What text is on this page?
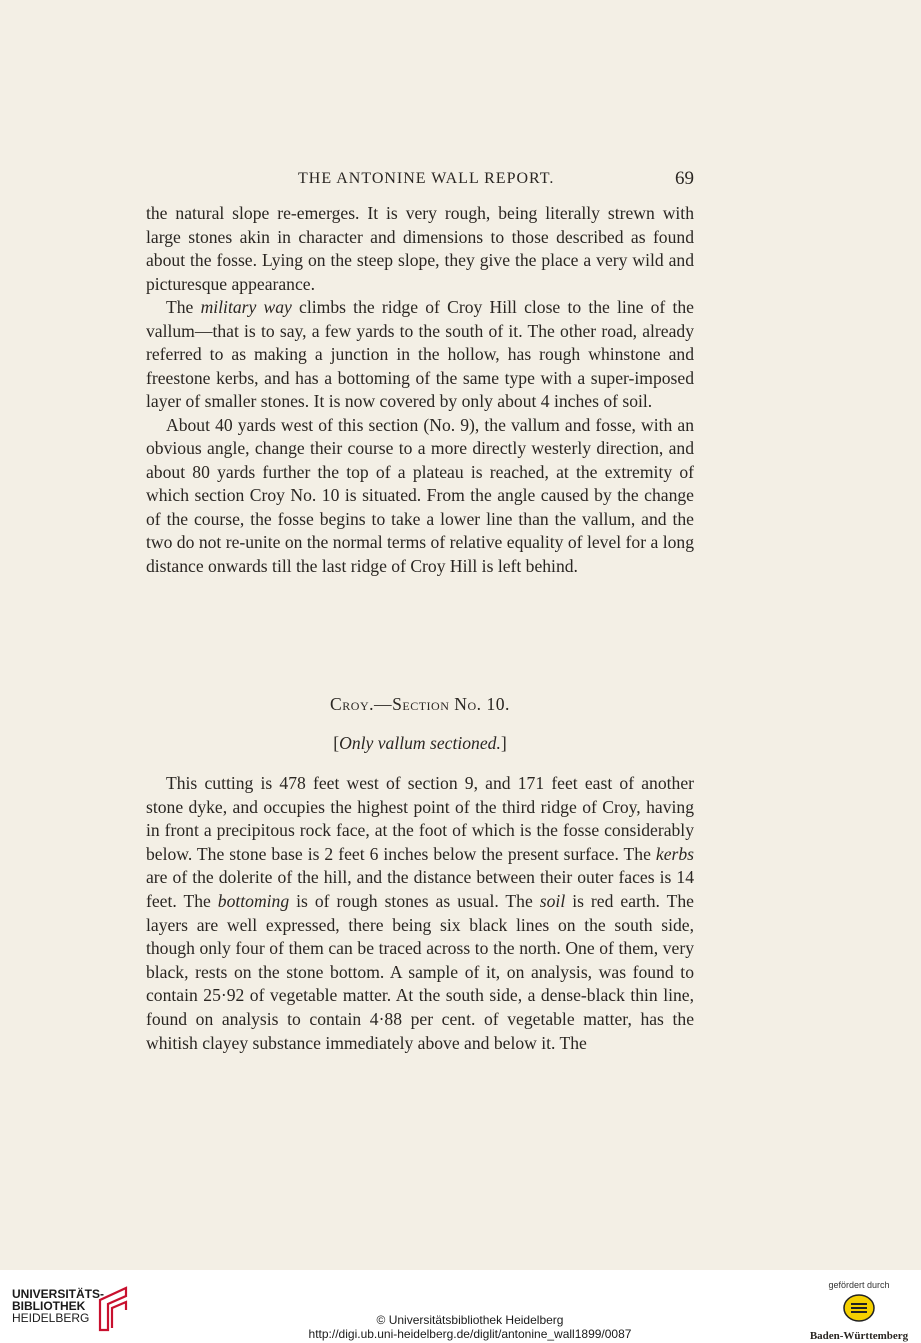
THE ANTONINE WALL REPORT.	69

the natural slope re-emerges. It is very rough, being literally strewn with large stones akin in character and dimensions to those described as found about the fosse. Lying on the steep slope, they give the place a very wild and picturesque appearance.

The military way climbs the ridge of Croy Hill close to the line of the vallum—that is to say, a few yards to the south of it. The other road, already referred to as making a junction in the hollow, has rough whinstone and freestone kerbs, and has a bottoming of the same type with a super-imposed layer of smaller stones. It is now covered by only about 4 inches of soil.

About 40 yards west of this section (No. 9), the vallum and fosse, with an obvious angle, change their course to a more directly westerly direction, and about 80 yards further the top of a plateau is reached, at the extremity of which section Croy No. 10 is situated. From the angle caused by the change of the course, the fosse begins to take a lower line than the vallum, and the two do not re-unite on the normal terms of relative equality of level for a long distance onwards till the last ridge of Croy Hill is left behind.

Croy.—Section No. 10.
[Only vallum sectioned.]

This cutting is 478 feet west of section 9, and 171 feet east of another stone dyke, and occupies the highest point of the third ridge of Croy, having in front a precipitous rock face, at the foot of which is the fosse considerably below. The stone base is 2 feet 6 inches below the present surface. The kerbs are of the dolerite of the hill, and the distance between their outer faces is 14 feet. The bottoming is of rough stones as usual. The soil is red earth. The layers are well expressed, there being six black lines on the south side, though only four of them can be traced across to the north. One of them, very black, rests on the stone bottom. A sample of it, on analysis, was found to contain 25·92 of vegetable matter. At the south side, a dense-black thin line, found on analysis to contain 4·88 per cent. of vegetable matter, has the whitish clayey substance immediately above and below it. The

UNIVERSITÄTS-
BIBLIOTHEK
HEIDELBERG	© Universitätsbibliothek Heidelberg
http://digi.ub.uni-heidelberg.de/diglit/antonine_wall1899/0087
gefördert durch
Baden-Württemberg
